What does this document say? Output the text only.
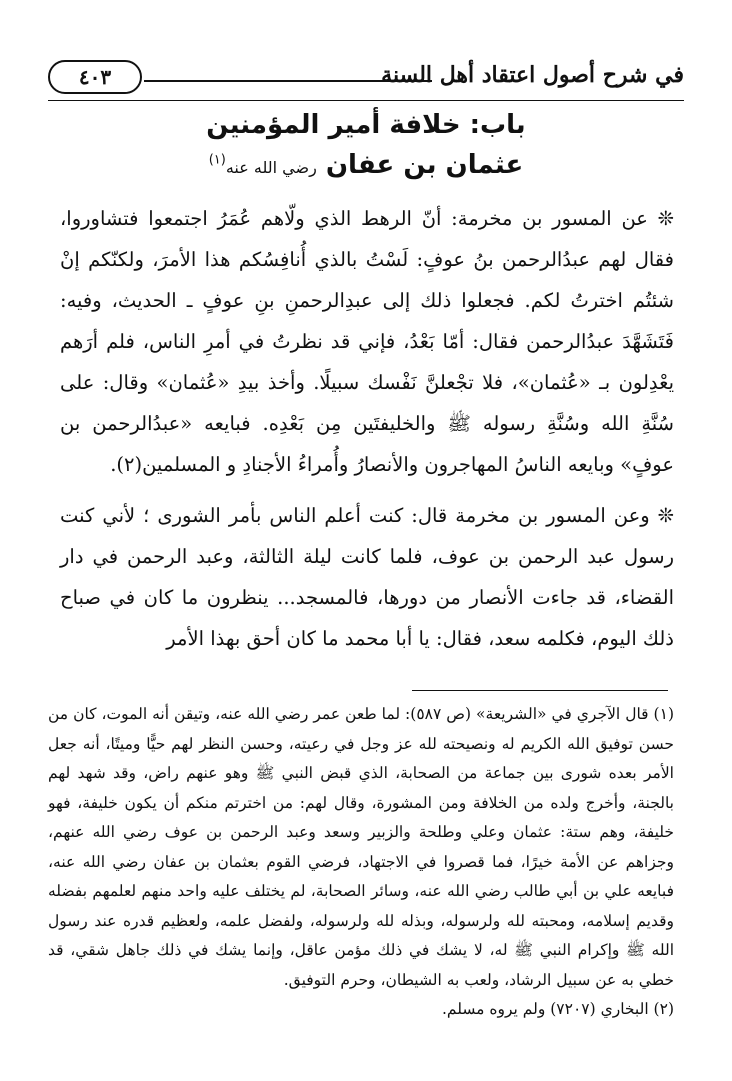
في شرح أصول اعتقاد أهل السنة
٤٠٣
باب: خلافة أمير المؤمنين
عثمان بن عفان رضي الله عنه$^{(١)}$

❊ عن المسور بن مخرمة: أنّ الرهط الذي ولّاهم عُمَرُ اجتمعوا فتشاوروا، فقال لهم عبدُالرحمن بنُ عوفٍ: لَسْتُ بالذي أُنافِسُكم هذا الأمرَ، ولكنّكم إنْ شئتُم اخترتُ لكم. فجعلوا ذلك إلى عبدِالرحمنِ بنِ عوفٍ ـ الحديث، وفيه: فَتَشَهَّدَ عبدُالرحمن فقال: أمّا بَعْدُ، فإني قد نظرتُ في أمرِ الناس، فلم أرَهم يعْدِلون بـ «عُثمان»، فلا تجْعلنَّ نَفْسك سبيلًا. وأخذ بيدِ «عُثمان» وقال: على سُنَّةِ الله وسُنَّةِ رسوله ﷺ والخليفتَين مِن بَعْدِه. فبايعه «عبدُالرحمن بن عوفٍ» وبايعه الناسُ المهاجرون والأنصارُ وأُمراءُ الأجنادِ و المسلمين(٢).

❊ وعن المسور بن مخرمة قال: كنت أعلم الناس بأمر الشورى ؛ لأني كنت رسول عبد الرحمن بن عوف، فلما كانت ليلة الثالثة، وعبد الرحمن في دار القضاء، قد جاءت الأنصار من دورها، فالمسجد... ينظرون ما كان في صباح ذلك اليوم، فكلمه سعد، فقال: يا أبا محمد ما كان أحق بهذا الأمر

(١) قال الآجري في «الشريعة» (ص ٥٨٧): لما طعن عمر رضي الله عنه، وتيقن أنه الموت، كان من حسن توفيق الله الكريم له ونصيحته لله عز وجل في رعيته، وحسن النظر لهم حيًّا وميتًا، أنه جعل الأمر بعده شورى بين جماعة من الصحابة، الذي قبض النبي ﷺ وهو عنهم راض، وقد شهد لهم بالجنة، وأخرج ولده من الخلافة ومن المشورة، وقال لهم: من اخترتم منكم أن يكون خليفة، فهو خليفة، وهم ستة: عثمان وعلي وطلحة والزبير وسعد وعبد الرحمن بن عوف رضي الله عنهم، وجزاهم عن الأمة خيرًا، فما قصروا في الاجتهاد، فرضي القوم بعثمان بن عفان رضي الله عنه، فبايعه علي بن أبي طالب رضي الله عنه، وسائر الصحابة، لم يختلف عليه واحد منهم لعلمهم بفضله وقديم إسلامه، ومحبته لله ولرسوله، وبذله لله ولرسوله، ولفضل علمه، ولعظيم قدره عند رسول الله ﷺ وإكرام النبي ﷺ له، لا يشك في ذلك مؤمن عاقل، وإنما يشك في ذلك جاهل شقي، قد خطي به عن سبيل الرشاد، ولعب به الشيطان، وحرم التوفيق.

(٢) البخاري (٧٢٠٧) ولم يروه مسلم.
